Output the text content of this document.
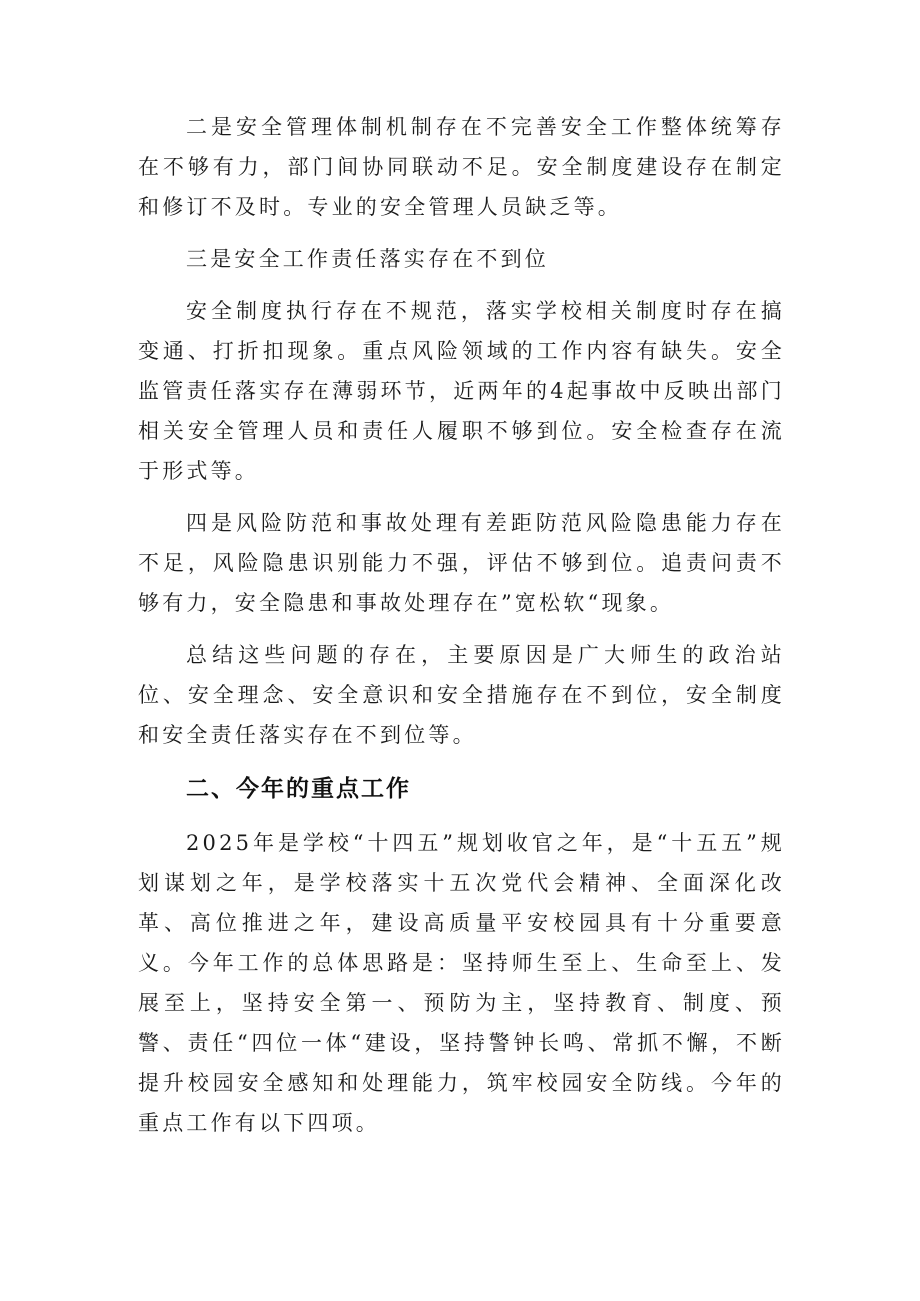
二是安全管理体制机制存在不完善安全工作整体统筹存在不够有力，部门间协同联动不足。安全制度建设存在制定和修订不及时。专业的安全管理人员缺乏等。

三是安全工作责任落实存在不到位

安全制度执行存在不规范，落实学校相关制度时存在搞变通、打折扣现象。重点风险领域的工作内容有缺失。安全监管责任落实存在薄弱环节，近两年的4起事故中反映出部门相关安全管理人员和责任人履职不够到位。安全检查存在流于形式等。

四是风险防范和事故处理有差距防范风险隐患能力存在不足，风险隐患识别能力不强，评估不够到位。追责问责不够有力，安全隐患和事故处理存在”宽松软“现象。

总结这些问题的存在，主要原因是广大师生的政治站位、安全理念、安全意识和安全措施存在不到位，安全制度和安全责任落实存在不到位等。

二、今年的重点工作

2025年是学校“十四五”规划收官之年，是“十五五”规划谋划之年，是学校落实十五次党代会精神、全面深化改革、高位推进之年，建设高质量平安校园具有十分重要意义。今年工作的总体思路是：坚持师生至上、生命至上、发展至上，坚持安全第一、预防为主，坚持教育、制度、预警、责任“四位一体“建设，坚持警钟长鸣、常抓不懈，不断提升校园安全感知和处理能力，筑牢校园安全防线。今年的重点工作有以下四项。
